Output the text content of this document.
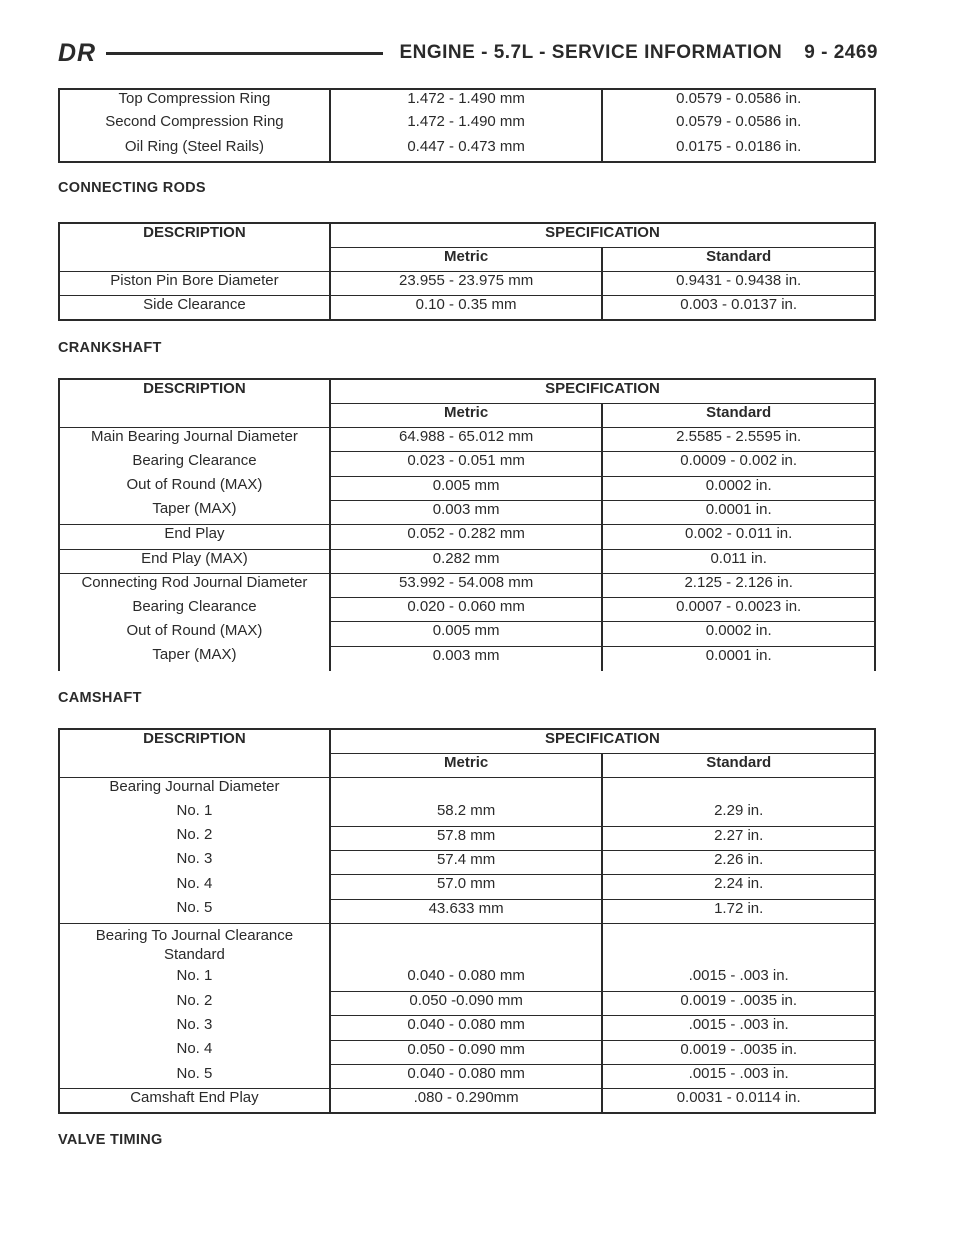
DR	ENGINE - 5.7L - SERVICE INFORMATION 9 - 2469
Top Compression Ring	1.472 - 1.490 mm	0.0579 - 0.0586 in.
Second Compression Ring	1.472 - 1.490 mm	0.0579 - 0.0586 in.
Oil Ring (Steel Rails)	0.447 - 0.473 mm	0.0175 - 0.0186 in.
CONNECTING RODS
DESCRIPTION	SPECIFICATION	
	Metric	Standard
Piston Pin Bore Diameter	23.955 - 23.975 mm	0.9431 - 0.9438 in.
Side Clearance	0.10 - 0.35 mm	0.003 - 0.0137 in.
CRANKSHAFT
DESCRIPTION	SPECIFICATION	
	Metric	Standard
Main Bearing Journal Diameter	64.988 - 65.012 mm	2.5585 - 2.5595 in.
Bearing Clearance	0.023 - 0.051 mm	0.0009 - 0.002 in.
Out of Round (MAX)	0.005 mm	0.0002 in.
Taper (MAX)	0.003 mm	0.0001 in.
End Play	0.052 - 0.282 mm	0.002 - 0.011 in.
End Play (MAX)	0.282 mm	0.011 in.
Connecting Rod Journal Diameter	53.992 - 54.008 mm	2.125 - 2.126 in.
Bearing Clearance	0.020 - 0.060 mm	0.0007 - 0.0023 in.
Out of Round (MAX)	0.005 mm	0.0002 in.
Taper (MAX)	0.003 mm	0.0001 in.
CAMSHAFT
DESCRIPTION	SPECIFICATION	
	Metric	Standard
Bearing Journal Diameter		
No. 1	58.2 mm	2.29 in.
No. 2	57.8 mm	2.27 in.
No. 3	57.4 mm	2.26 in.
No. 4	57.0 mm	2.24 in.
No. 5	43.633 mm	1.72 in.

Bearing To Journal Clearance
Standard		

No. 1	0.040 - 0.080 mm	.0015 - .003 in.
No. 2	0.050 -0.090 mm	0.0019 - .0035 in.
No. 3	0.040 - 0.080 mm	.0015 - .003 in.
No. 4	0.050 - 0.090 mm	0.0019 - .0035 in.
No. 5	0.040 - 0.080 mm	.0015 - .003 in.
Camshaft End Play	.080 - 0.290mm	0.0031 - 0.0114 in.
VALVE TIMING
